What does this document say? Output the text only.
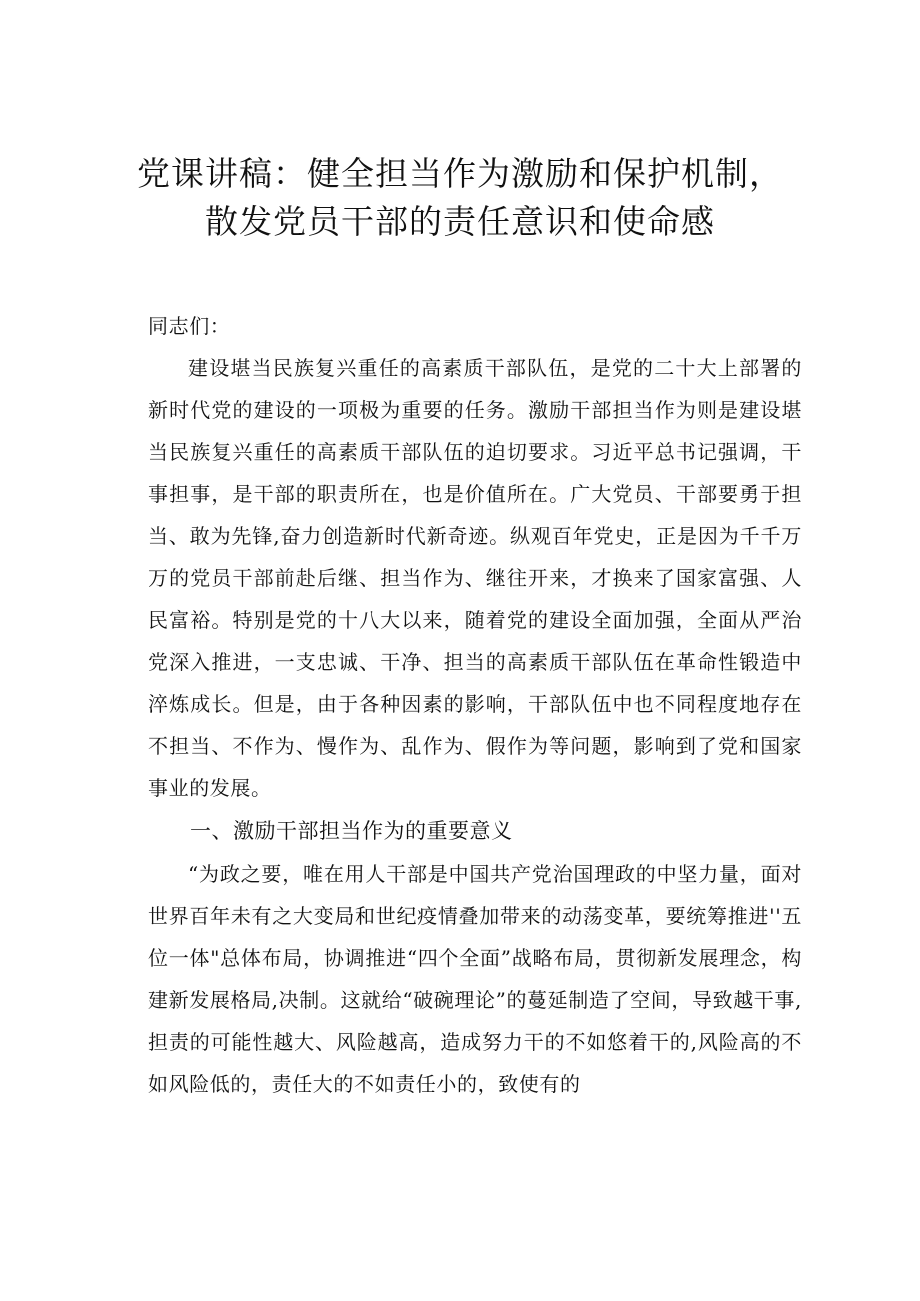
党课讲稿：健全担当作为激励和保护机制，
散发党员干部的责任意识和使命感

同志们：

建设堪当民族复兴重任的高素质干部队伍，是党的二十大上部署的新时代党的建设的一项极为重要的任务。激励干部担当作为则是建设堪当民族复兴重任的高素质干部队伍的迫切要求。习近平总书记强调，干事担事，是干部的职责所在，也是价值所在。广大党员、干部要勇于担当、敢为先锋,奋力创造新时代新奇迹。纵观百年党史，正是因为千千万万的党员干部前赴后继、担当作为、继往开来，才换来了国家富强、人民富裕。特别是党的十八大以来，随着党的建设全面加强，全面从严治党深入推进，一支忠诚、干净、担当的高素质干部队伍在革命性锻造中淬炼成长。但是，由于各种因素的影响，干部队伍中也不同程度地存在不担当、不作为、慢作为、乱作为、假作为等问题，影响到了党和国家事业的发展。

一、激励干部担当作为的重要意义

“为政之要，唯在用人干部是中国共产党治国理政的中坚力量，面对世界百年未有之大变局和世纪疫情叠加带来的动荡变革，要统筹推进''五位一体"总体布局，协调推进“四个全面”战略布局，贯彻新发展理念，构建新发展格局,决制。这就给“破碗理论”的蔓延制造了空间，导致越干事,担责的可能性越大、风险越高，造成努力干的不如悠着干的,风险高的不如风险低的，责任大的不如责任小的，致使有的
